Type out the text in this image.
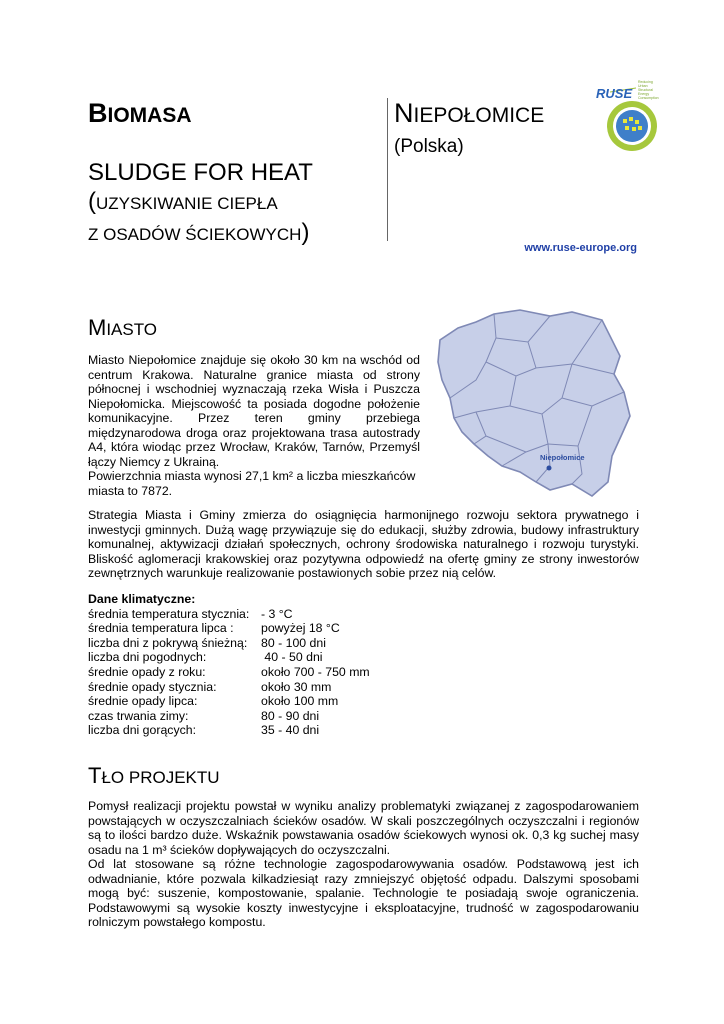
BIOMASA
SLUDGE FOR HEAT
(UZYSKIWANIE CIEPŁA
Z OSADÓW ŚCIEKOWYCH)
NIEPOŁOMICE
(Polska)
RUSE
Reducing Urban Structural Energy Consumption
www.ruse-europe.org
MIASTO

Miasto Niepołomice znajduje się około 30 km na wschód od centrum Krakowa. Naturalne granice miasta od strony północnej i wschodniej wyznaczają rzeka Wisła i Puszcza Niepołomicka. Miejscowość ta posiada dogodne położenie komunikacyjne. Przez teren gminy przebiega międzynarodowa droga oraz projektowana trasa autostrady A4, która wiodąc przez Wrocław, Kraków, Tarnów, Przemyśl łączy Niemcy z Ukrainą.

Powierzchnia miasta wynosi 27,1 km² a liczba mieszkańców miasta to 7872.

Niepołomice

Strategia Miasta i Gminy zmierza do osiągnięcia harmonijnego rozwoju sektora prywatnego i inwestycji gminnych. Dużą wagę przywiązuje się do edukacji, służby zdrowia, budowy infrastruktury komunalnej, aktywizacji działań społecznych, ochrony środowiska naturalnego i rozwoju turystyki. Bliskość aglomeracji krakowskiej oraz pozytywna odpowiedź na ofertę gminy ze strony inwestorów zewnętrznych warunkuje realizowanie postawionych sobie przez nią celów.

Dane klimatyczne:
średnia temperatura stycznia: - 3 °C
średnia temperatura lipca :	powyżej 18 °C
liczba dni z pokrywą śnieżną:	80 - 100 dni
liczba dni pogodnych:	40 - 50 dni
średnie opady z roku:	około 700 - 750 mm
średnie opady stycznia:	około 30 mm
średnie opady lipca:	około 100 mm
czas trwania zimy:	80 - 90 dni
liczba dni gorących:	35 - 40 dni
TŁO PROJEKTU

Pomysł realizacji projektu powstał w wyniku analizy problematyki związanej z zagospodarowaniem powstających w oczyszczalniach ścieków osadów. W skali poszczególnych oczyszczalni i regionów są to ilości bardzo duże. Wskaźnik powstawania osadów ściekowych wynosi ok. 0,3 kg suchej masy osadu na 1 m³ ścieków dopływających do oczyszczalni.

Od lat stosowane są różne technologie zagospodarowywania osadów. Podstawową jest ich odwadnianie, które pozwala kilkadziesiąt razy zmniejszyć objętość odpadu. Dalszymi sposobami mogą być: suszenie, kompostowanie, spalanie. Technologie te posiadają swoje ograniczenia. Podstawowymi są wysokie koszty inwestycyjne i eksploatacyjne, trudność w zagospodarowaniu rolniczym powstałego kompostu.
